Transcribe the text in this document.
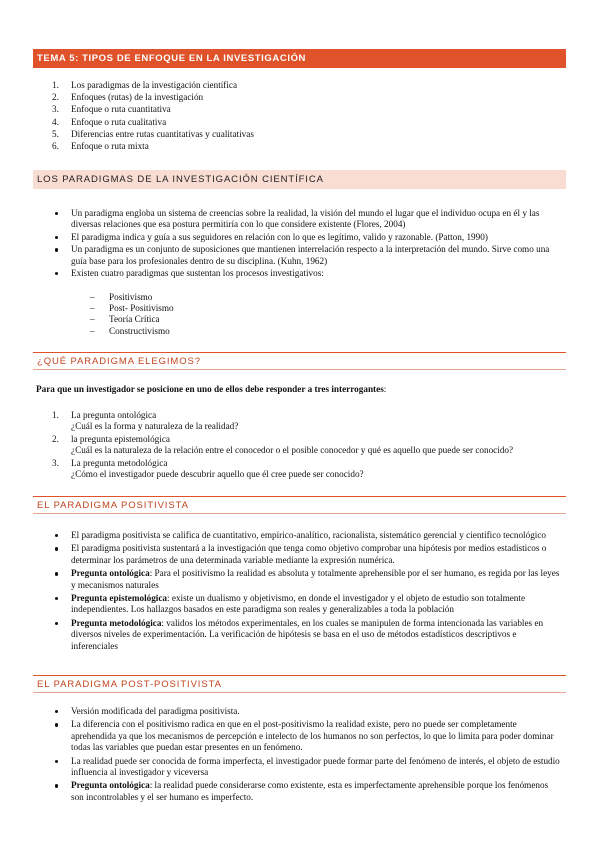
TEMA 5: TIPOS DE ENFOQUE EN LA INVESTIGACIÓN
1. Los paradigmas de la investigación científica
2. Enfoques (rutas) de la investigación
3. Enfoque o ruta cuantitativa
4. Enfoque o ruta cualitativa
5. Diferencias entre rutas cuantitativas y cualitativas
6. Enfoque o ruta mixta
LOS PARADIGMAS DE LA INVESTIGACIÓN CIENTÍFICA
Un paradigma engloba un sistema de creencias sobre la realidad, la visión del mundo el lugar que el individuo ocupa en él y las diversas relaciones que esa postura permitiría con lo que considere existente (Flores, 2004)
El paradigma indica y guía a sus seguidores en relación con lo que es legítimo, valido y razonable. (Patton, 1990)
Un paradigma es un conjunto de suposiciones que mantienen interrelación respecto a la interpretación del mundo. Sirve como una guía base para los profesionales dentro de su disciplina. (Kuhn, 1962)
Existen cuatro paradigmas que sustentan los procesos investigativos:
– Positivismo
– Post- Positivismo
– Teoría Crítica
– Constructivismo
¿QUÉ PARADIGMA ELEGIMOS?
Para que un investigador se posicione en uno de ellos debe responder a tres interrogantes:
1. La pregunta ontológica
¿Cuál es la forma y naturaleza de la realidad?
2. la pregunta epistemológica
¿Cuál es la naturaleza de la relación entre el conocedor o el posible conocedor y qué es aquello que puede ser conocido?
3. La pregunta metodológica
¿Cómo el investigador puede descubrir aquello que él cree puede ser conocido?
EL PARADIGMA POSITIVISTA
El paradigma positivista se califica de cuantitativo, empírico-analítico, racionalista, sistemático gerencial y científico tecnológico
El paradigma positivista sustentará a la investigación que tenga como objetivo comprobar una hipótesis por medios estadísticos o determinar los parámetros de una determinada variable mediante la expresión numérica.
Pregunta ontológica: Para el positivismo la realidad es absoluta y totalmente aprehensible por el ser humano, es regida por las leyes y mecanismos naturales
Pregunta epistemológica: existe un dualismo y objetivismo, en donde el investigador y el objeto de estudio son totalmente independientes. Los hallazgos basados en este paradigma son reales y generalizables a toda la población
Pregunta metodológica: validos los métodos experimentales, en los cuales se manipulen de forma intencionada las variables en diversos niveles de experimentación. La verificación de hipótesis se basa en el uso de métodos estadísticos descriptivos e inferenciales
EL PARADIGMA POST-POSITIVISTA
Versión modificada del paradigma positivista.
La diferencia con el positivismo radica en que en el post-positivismo la realidad existe, pero no puede ser completamente aprehendida ya que los mecanismos de percepción e intelecto de los humanos no son perfectos, lo que lo limita para poder dominar todas las variables que puedan estar presentes en un fenómeno.
La realidad puede ser conocida de forma imperfecta, el investigador puede formar parte del fenómeno de interés, el objeto de estudio influencia al investigador y viceversa
Pregunta ontológica: la realidad puede considerarse como existente, esta es imperfectamente aprehensible porque los fenómenos son incontrolables y el ser humano es imperfecto.
